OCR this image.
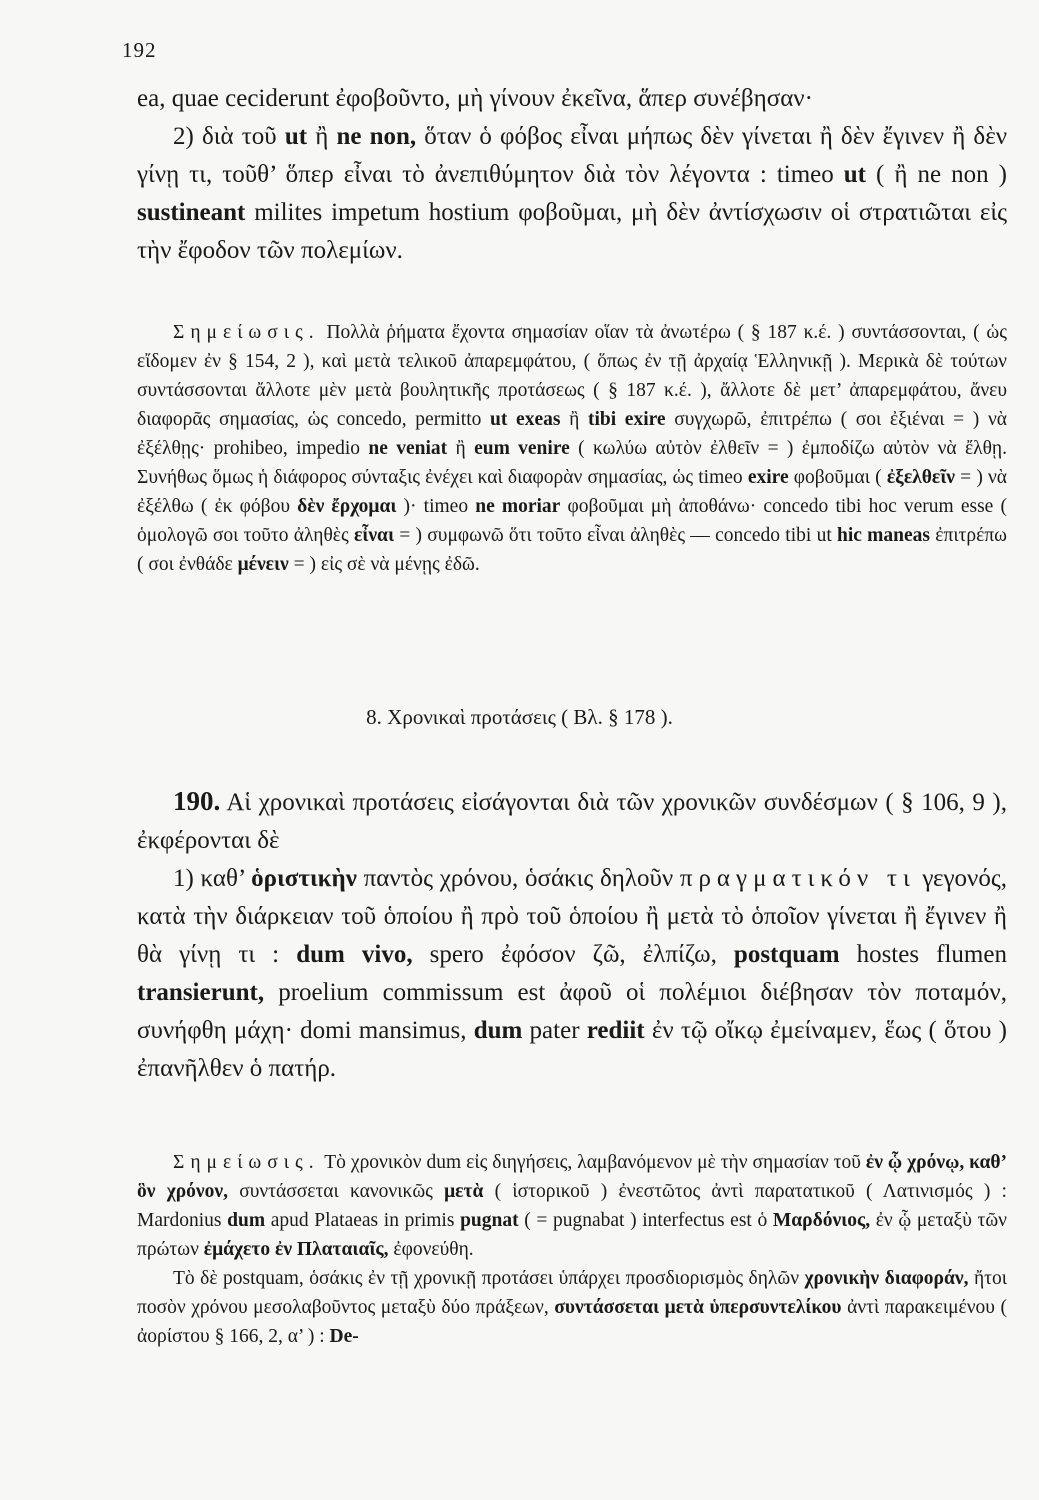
192
ea, quae ceciderunt ἐφοβοῦντο, μὴ γίνουν ἐκεῖνα, ἅπερ συνέβησαν·
2) διὰ τοῦ ut ἢ ne non, ὅταν ὁ φόβος εἶναι μήπως δὲν γίνεται ἢ δὲν ἔγινεν ἢ δὲν γίνῃ τι, τοῦθ’ ὅπερ εἶναι τὸ ἀνεπιθύμητον διὰ τὸν λέγοντα : timeo ut ( ἢ ne non ) sustineant milites impetum hostium φοβοῦμαι, μὴ δὲν ἀντίσχωσιν οἱ στρατιῶται εἰς τὴν ἔφοδον τῶν πολεμίων.
Σημείωσις. Πολλὰ ῥήματα ἔχοντα σημασίαν οἵαν τὰ ἀνωτέρω ( § 187 κ.έ. ) συντάσσονται, ( ὡς εἴδομεν ἐν § 154, 2 ), καὶ μετὰ τελικοῦ ἀπαρεμφάτου, ( ὅπως ἐν τῇ ἀρχαίᾳ Ἑλληνικῇ ). Μερικὰ δὲ τούτων συντάσσονται ἄλλοτε μὲν μετὰ βουλητικῆς προτάσεως ( § 187 κ.έ. ), ἄλλοτε δὲ μετ’ ἀπαρεμφάτου, ἄνευ διαφορᾶς σημασίας, ὡς concedo, permitto ut exeas ἢ tibi exire συγχωρῶ, ἐπιτρέπω ( σοι ἐξιέναι = ) νὰ ἐξέλθῃς· prohibeo, impedio ne veniat ἢ eum venire ( κωλύω αὐτὸν ἐλθεῖν = ) ἐμποδίζω αὐτὸν νὰ ἔλθῃ. Συνήθως ὅμως ἡ διάφορος σύνταξις ἐνέχει καὶ διαφορὰν σημασίας, ὡς timeo exire φοβοῦμαι ( ἐξελθεῖν = ) νὰ ἐξέλθω ( ἐκ φόβου δὲν ἔρχομαι )· timeo ne moriar φοβοῦμαι μὴ ἀποθάνω· concedo tibi hoc verum esse ( ὁμολογῶ σοι τοῦτο ἀληθὲς εἶναι = ) συμφωνῶ ὅτι τοῦτο εἶναι ἀληθὲς — concedo tibi ut hic maneas ἐπιτρέπω ( σοι ἐνθάδε μένειν = ) εἰς σὲ νὰ μένῃς ἐδῶ.
8. Χρονικαὶ προτάσεις ( Βλ. § 178 ).
190. Αἱ χρονικαὶ προτάσεις εἰσάγονται διὰ τῶν χρονικῶν συνδέσμων ( § 106, 9 ), ἐκφέρονται δὲ
1) καθ’ ὁριστικὴν παντὸς χρόνου, ὁσάκις δηλοῦν πραγματικόν τι γεγονός, κατὰ τὴν διάρκειαν τοῦ ὁποίου ἢ πρὸ τοῦ ὁποίου ἢ μετὰ τὸ ὁποῖον γίνεται ἢ ἔγινεν ἢ θὰ γίνῃ τι : dum vivo, spero ἐφόσον ζῶ, ἐλπίζω, postquam hostes flumen transierunt, proelium commissum est ἀφοῦ οἱ πολέμιοι διέβησαν τὸν ποταμόν, συνήφθη μάχη· domi mansimus, dum pater rediit ἐν τῷ οἴκῳ ἐμείναμεν, ἕως ( ὅτου ) ἐπανῆλθεν ὁ πατήρ.
Σημείωσις. Τὸ χρονικὸν dum εἰς διηγήσεις, λαμβανόμενον μὲ τὴν σημασίαν τοῦ ἐν ᾧ χρόνῳ, καθ’ ὃν χρόνον, συντάσσεται κανονικῶς μετὰ ( ἱστορικοῦ ) ἐνεστῶτος ἀντὶ παρατατικοῦ ( Λατινισμός ) : Mardonius dum apud Plataeas in primis pugnat ( = pugnabat ) interfectus est ὁ Μαρδόνιος, ἐν ᾧ μεταξὺ τῶν πρώτων ἐμάχετο ἐν Πλαταιαῖς, ἐφονεύθη.
Τὸ δὲ postquam, ὁσάκις ἐν τῇ χρονικῇ προτάσει ὑπάρχει προσδιορισμὸς δηλῶν χρονικὴν διαφοράν, ἤτοι ποσὸν χρόνου μεσολαβοῦντος μεταξὺ δύο πράξεων, συντάσσεται μετὰ ὑπερσυντελίκου ἀντὶ παρακειμένου ( ἀορίστου § 166, 2, α’ ) : De-
